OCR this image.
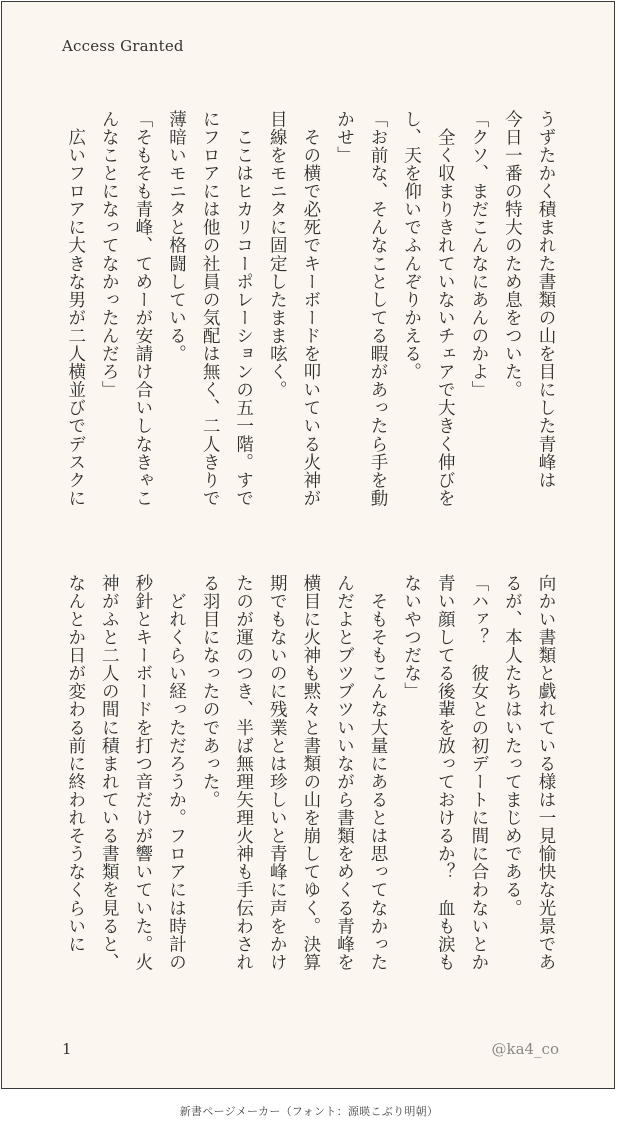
Access Granted
うずたかく積まれた書類の山を目にした青峰は
今日一番の特大のため息をついた。
「クソ、まだこんなにあんのかよ」
　全く収まりきれていないチェアで大きく伸びを
し、天を仰いでふんぞりかえる。
「お前な、そんなことしてる暇があったら手を動
かせ」
　その横で必死でキーボードを叩いている火神が
目線をモニタに固定したまま呟く。
　ここはヒカリコーポレーションの五一階。すで
にフロアには他の社員の気配は無く、二人きりで
薄暗いモニタと格闘している。
「そもそも青峰、てめーが安請け合いしなきゃこ
んなことになってなかったんだろ」
　広いフロアに大きな男が二人横並びでデスクに
向かい書類と戯れている様は一見愉快な光景であ
るが、本人たちはいたってまじめである。
「ハァ？　彼女との初デートに間に合わないとか
青い顔してる後輩を放っておけるか？　血も涙も
ないやつだな」
　そもそもこんな大量にあるとは思ってなかった
んだよとブツブツいいながら書類をめくる青峰を
横目に火神も黙々と書類の山を崩してゆく。決算
期でもないのに残業とは珍しいと青峰に声をかけ
たのが運のつき、半ば無理矢理火神も手伝わされ
る羽目になったのであった。
　どれくらい経っただろうか。フロアには時計の
秒針とキーボードを打つ音だけが響いていた。火
神がふと二人の間に積まれている書類を見ると、
なんとか日が変わる前に終われそうなくらいに
1	@ka4_co
新書ページメーカー（フォント：源暎こぶり明朝）
